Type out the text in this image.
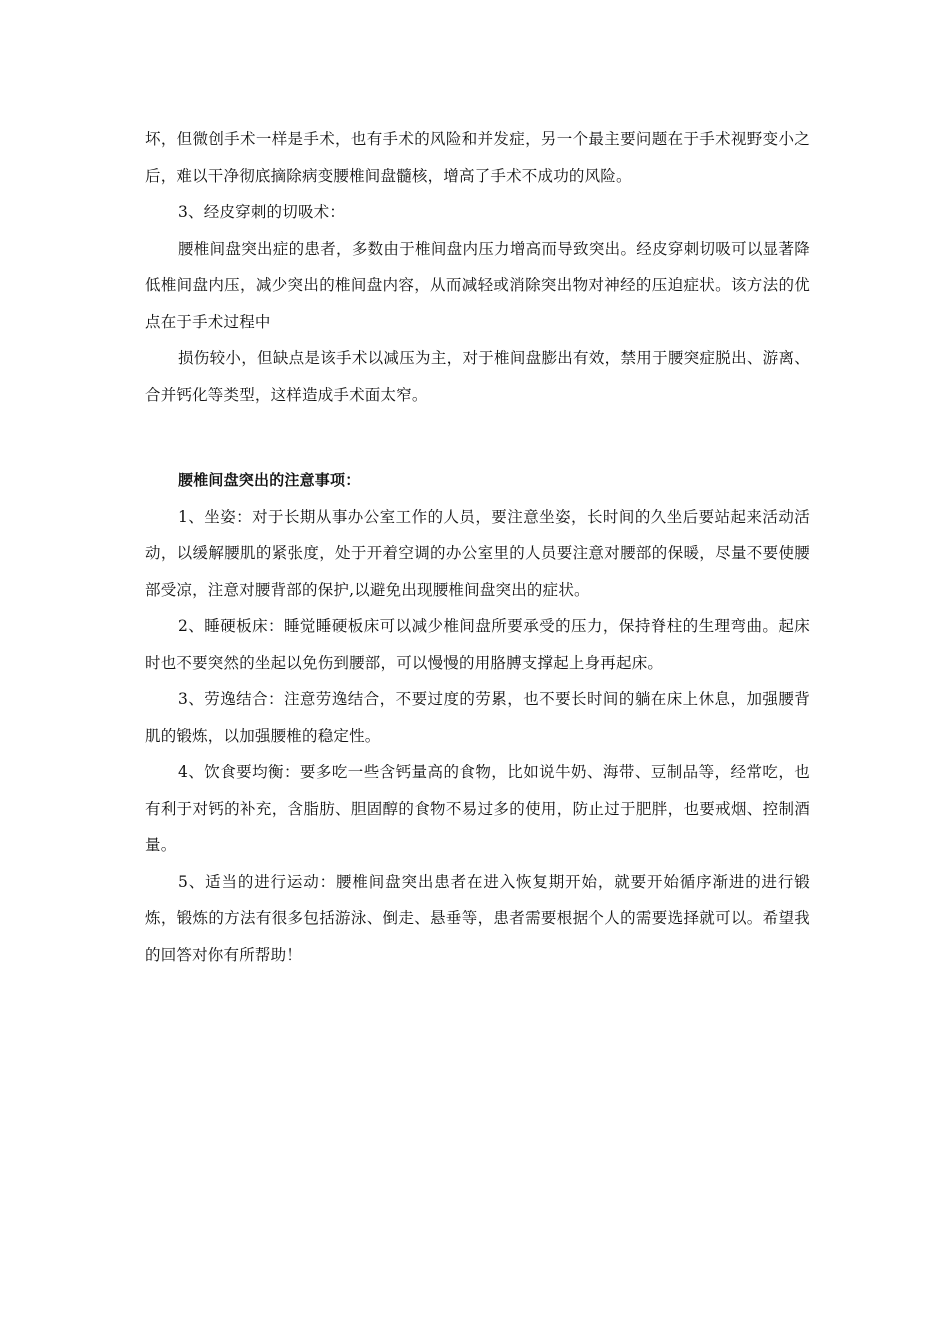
坏，但微创手术一样是手术，也有手术的风险和并发症，另一个最主要问题在于手术视野变小之后，难以干净彻底摘除病变腰椎间盘髓核，增高了手术不成功的风险。

3、经皮穿刺的切吸术：

腰椎间盘突出症的患者，多数由于椎间盘内压力增高而导致突出。经皮穿刺切吸可以显著降低椎间盘内压，减少突出的椎间盘内容，从而减轻或消除突出物对神经的压迫症状。该方法的优点在于手术过程中

损伤较小，但缺点是该手术以减压为主，对于椎间盘膨出有效，禁用于腰突症脱出、游离、合并钙化等类型，这样造成手术面太窄。

腰椎间盘突出的注意事项：

1、坐姿：对于长期从事办公室工作的人员，要注意坐姿，长时间的久坐后要站起来活动活动，以缓解腰肌的紧张度，处于开着空调的办公室里的人员要注意对腰部的保暖，尽量不要使腰部受凉，注意对腰背部的保护,以避免出现腰椎间盘突出的症状。

2、睡硬板床：睡觉睡硬板床可以减少椎间盘所要承受的压力，保持脊柱的生理弯曲。起床时也不要突然的坐起以免伤到腰部，可以慢慢的用胳膊支撑起上身再起床。

3、劳逸结合：注意劳逸结合，不要过度的劳累，也不要长时间的躺在床上休息，加强腰背肌的锻炼，以加强腰椎的稳定性。

4、饮食要均衡：要多吃一些含钙量高的食物，比如说牛奶、海带、豆制品等，经常吃，也有利于对钙的补充，含脂肪、胆固醇的食物不易过多的使用，防止过于肥胖，也要戒烟、控制酒量。

5、适当的进行运动：腰椎间盘突出患者在进入恢复期开始，就要开始循序渐进的进行锻炼，锻炼的方法有很多包括游泳、倒走、悬垂等，患者需要根据个人的需要选择就可以。希望我的回答对你有所帮助！
